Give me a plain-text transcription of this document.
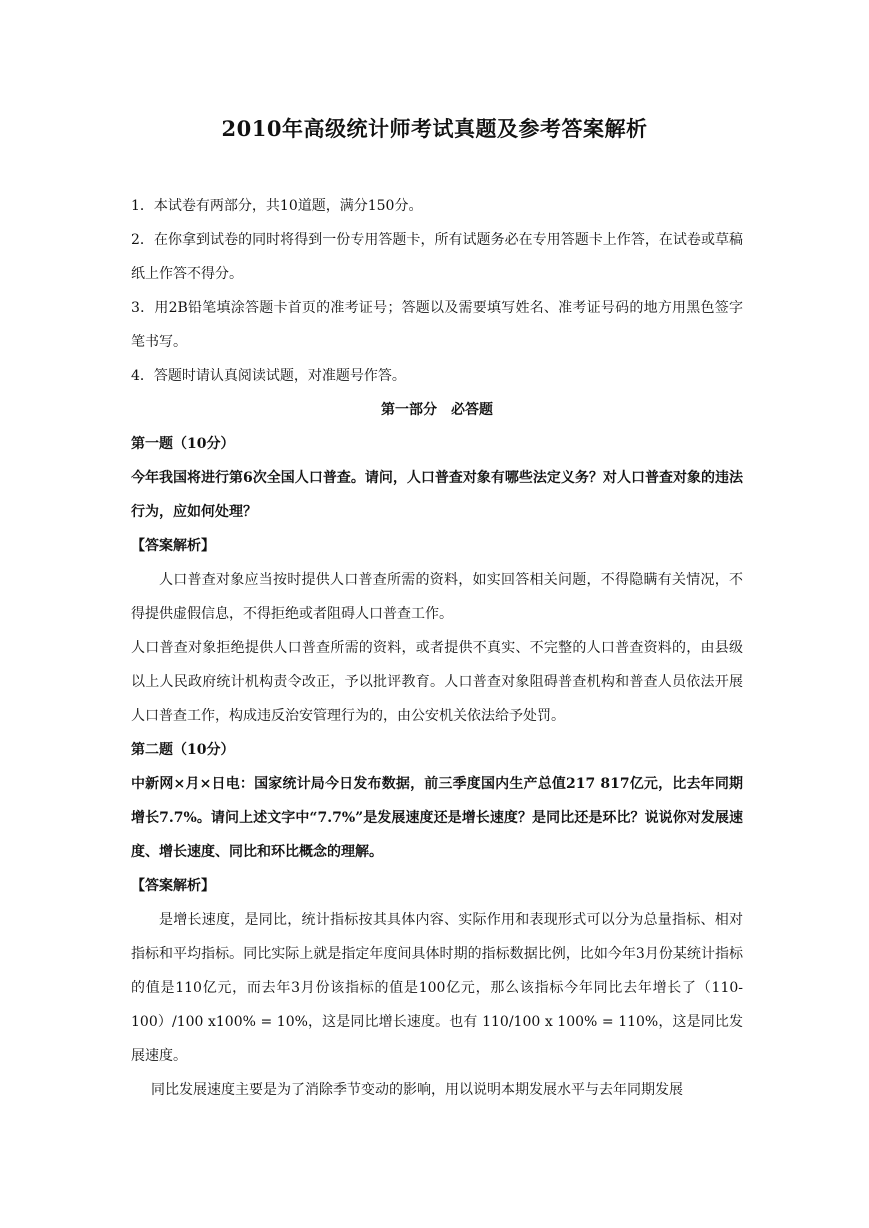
2010年高级统计师考试真题及参考答案解析

1．本试卷有两部分，共10道题，满分150分。

2．在你拿到试卷的同时将得到一份专用答题卡，所有试题务必在专用答题卡上作答，在试卷或草稿纸上作答不得分。

3．用2B铅笔填涂答题卡首页的准考证号；答题以及需要填写姓名、准考证号码的地方用黑色签字笔书写。

4．答题时请认真阅读试题，对准题号作答。

第一部分　必答题

第一题（10分）

今年我国将进行第6次全国人口普查。请问，人口普查对象有哪些法定义务？对人口普查对象的违法行为，应如何处理？

【答案解析】

人口普查对象应当按时提供人口普查所需的资料，如实回答相关问题，不得隐瞒有关情况，不得提供虚假信息，不得拒绝或者阻碍人口普查工作。

人口普查对象拒绝提供人口普查所需的资料，或者提供不真实、不完整的人口普查资料的，由县级以上人民政府统计机构责令改正，予以批评教育。人口普查对象阻碍普查机构和普查人员依法开展人口普查工作，构成违反治安管理行为的，由公安机关依法给予处罚。

第二题（10分）

中新网×月×日电：国家统计局今日发布数据，前三季度国内生产总值217 817亿元，比去年同期增长7.7%。请问上述文字中“7.7%”是发展速度还是增长速度？是同比还是环比？说说你对发展速度、增长速度、同比和环比概念的理解。

【答案解析】

是增长速度，是同比，统计指标按其具体内容、实际作用和表现形式可以分为总量指标、相对指标和平均指标。同比实际上就是指定年度间具体时期的指标数据比例，比如今年3月份某统计指标的值是110亿元，而去年3月份该指标的值是100亿元，那么该指标今年同比去年增长了（110-100）/100 x100% = 10%，这是同比增长速度。也有 110/100 x 100% = 110%，这是同比发展速度。

同比发展速度主要是为了消除季节变动的影响，用以说明本期发展水平与去年同期发展
